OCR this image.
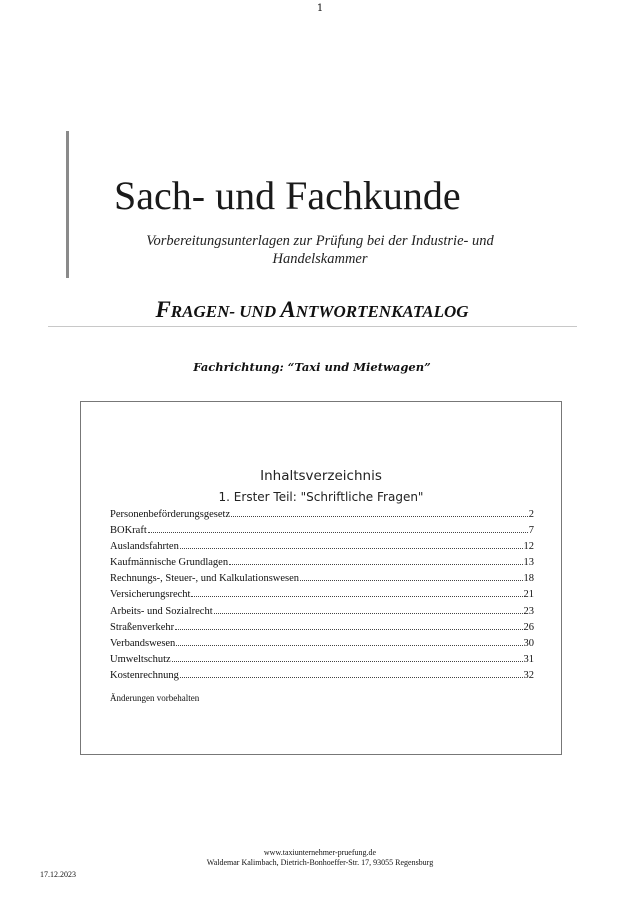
1
Sach- und Fachkunde
Vorbereitungsunterlagen zur Prüfung bei der Industrie- und
Handelskammer
FRAGEN- UND ANTWORTENKATALOG
Fachrichtung: “Taxi und Mietwagen”
Inhaltsverzeichnis
1. Erster Teil: "Schriftliche Fragen"
Personenbeförderungsgesetz	2
BOKraft	7
Auslandsfahrten	12
Kaufmännische Grundlagen	13
Rechnungs-, Steuer-, und Kalkulationswesen	18
Versicherungsrecht	21
Arbeits- und Sozialrecht	23
Straßenverkehr	26
Verbandswesen	30
Umweltschutz	31
Kostenrechnung	32
Änderungen vorbehalten
www.taxiunternehmer-pruefung.de
Waldemar Kalimbach, Dietrich-Bonhoeffer-Str. 17, 93055 Regensburg
17.12.2023
